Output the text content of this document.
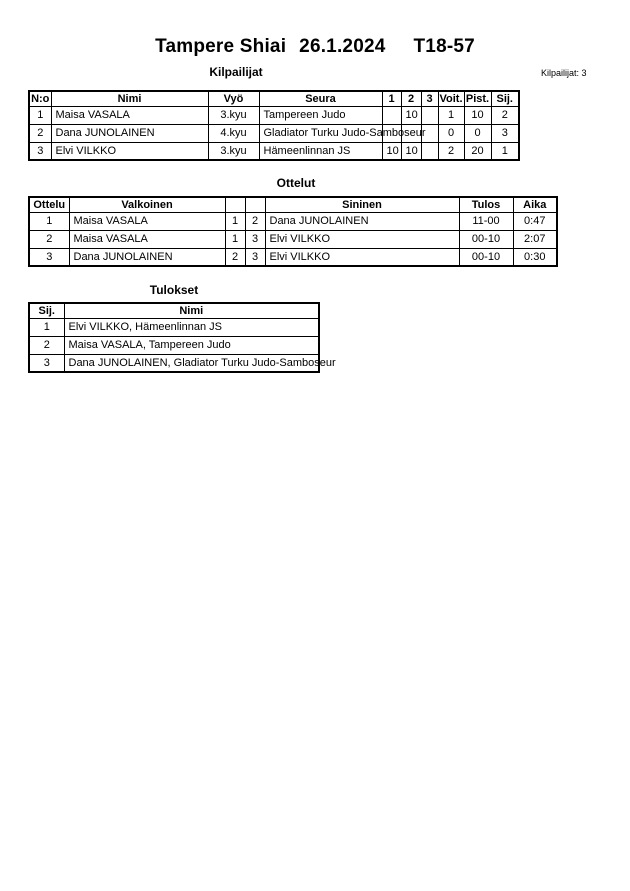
Tampere Shiai 26.1.2024 T18-57
Kilpailijat	Kilpailijat: 3
N:o	Nimi	Vyö	Seura	1	2	3	Voit.	Pist.	Sij.
1	Maisa VASALA	3.kyu	Tampereen Judo		10		1	10	2
2	Dana JUNOLAINEN	4.kyu	Gladiator Turku Judo-Samboseur				0	0	3
3	Elvi VILKKO	3.kyu	Hämeenlinnan JS	10	10		2	20	1
Ottelut
Ottelu	Valkoinen			Sininen	Tulos	Aika
1	Maisa VASALA	1	2	Dana JUNOLAINEN	11-00	0:47
2	Maisa VASALA	1	3	Elvi VILKKO	00-10	2:07
3	Dana JUNOLAINEN	2	3	Elvi VILKKO	00-10	0:30
Tulokset
Sij.	Nimi
1	Elvi VILKKO, Hämeenlinnan JS
2	Maisa VASALA, Tampereen Judo
3	Dana JUNOLAINEN, Gladiator Turku Judo-Samboseur
